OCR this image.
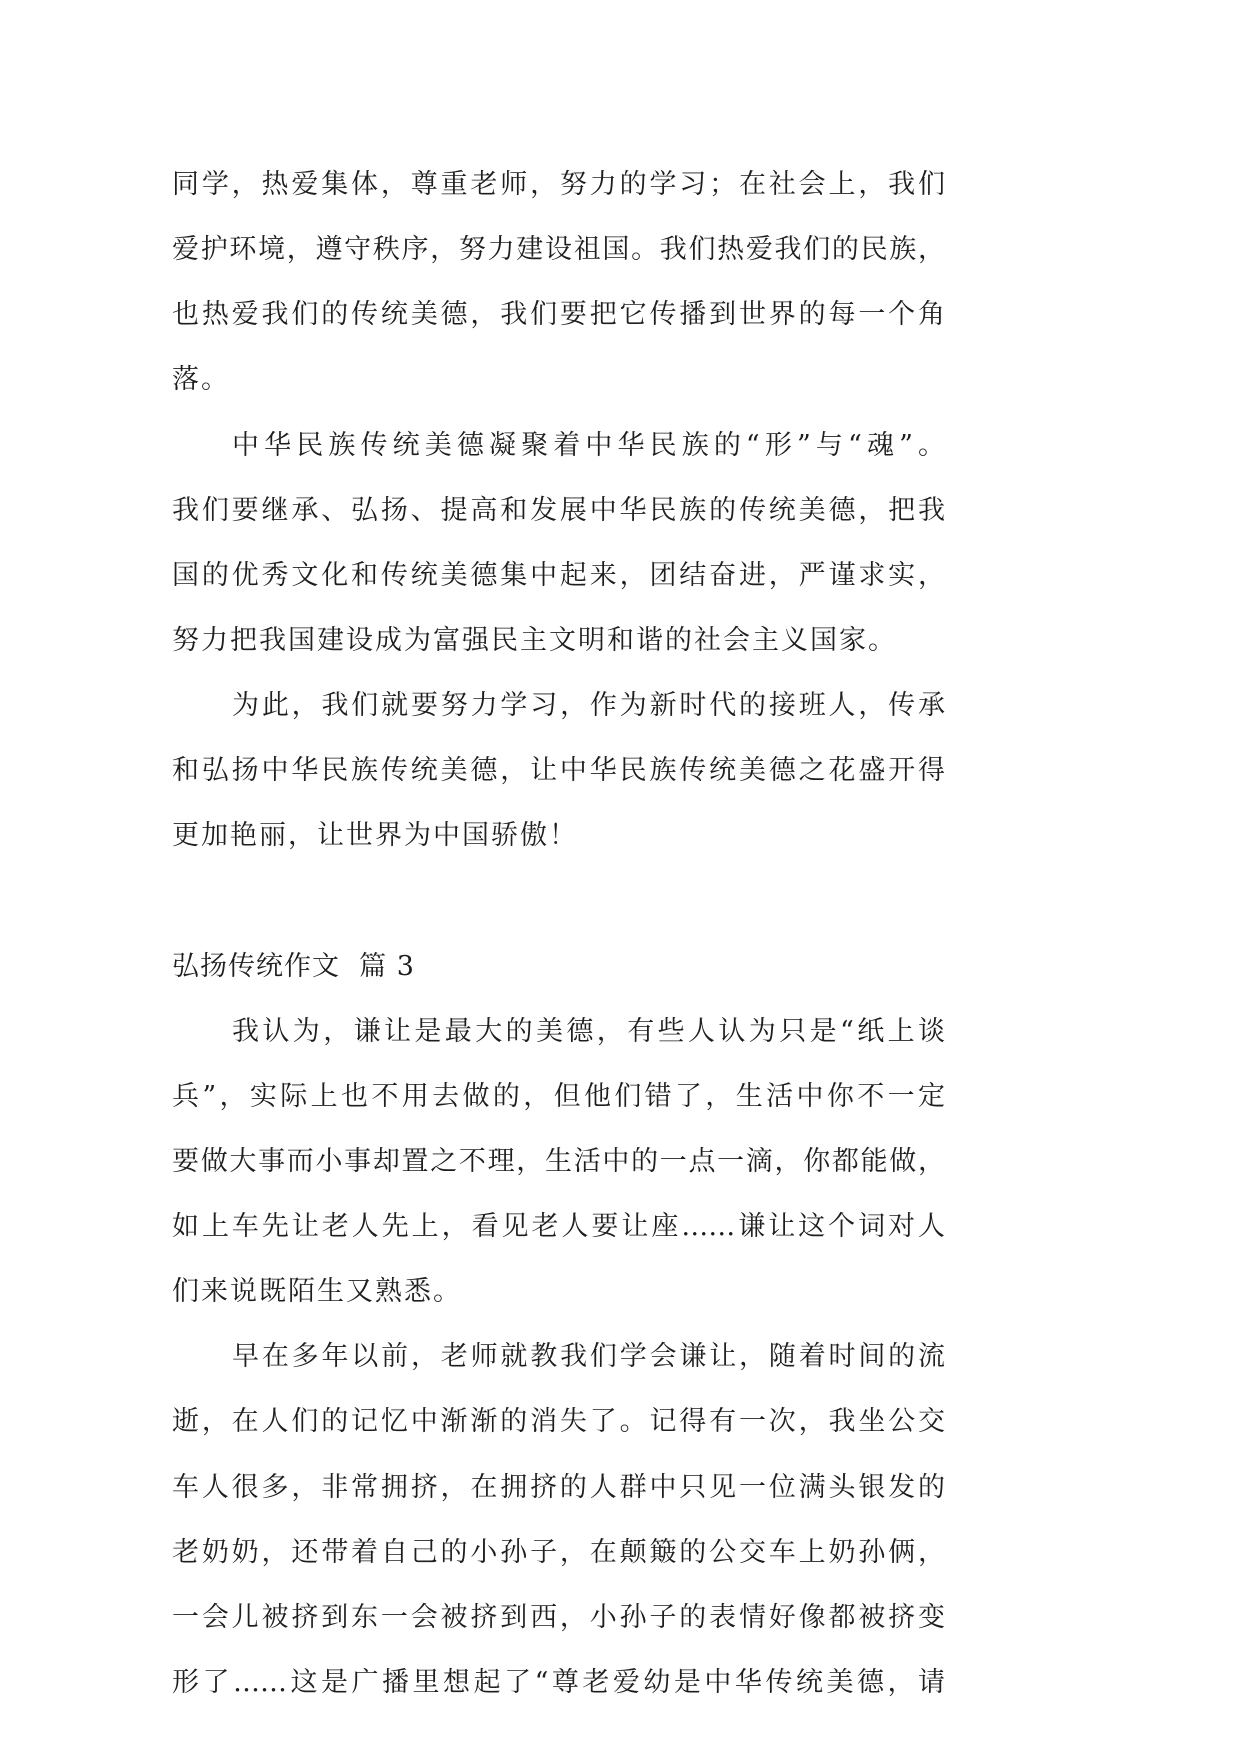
同学，热爱集体，尊重老师，努力的学习；在社会上，我们
爱护环境，遵守秩序，努力建设祖国。我们热爱我们的民族，
也热爱我们的传统美德，我们要把它传播到世界的每一个角
落。
中华民族传统美德凝聚着中华民族的“形”与“魂”。
我们要继承、弘扬、提高和发展中华民族的传统美德，把我
国的优秀文化和传统美德集中起来，团结奋进，严谨求实，
努力把我国建设成为富强民主文明和谐的社会主义国家。
为此，我们就要努力学习，作为新时代的接班人，传承
和弘扬中华民族传统美德，让中华民族传统美德之花盛开得
更加艳丽，让世界为中国骄傲！
弘扬传统作文  篇 3
我认为，谦让是最大的美德，有些人认为只是“纸上谈
兵”，实际上也不用去做的，但他们错了，生活中你不一定
要做大事而小事却置之不理，生活中的一点一滴，你都能做，
如上车先让老人先上，看见老人要让座……谦让这个词对人
们来说既陌生又熟悉。
早在多年以前，老师就教我们学会谦让，随着时间的流
逝，在人们的记忆中渐渐的消失了。记得有一次，我坐公交
车人很多，非常拥挤，在拥挤的人群中只见一位满头银发的
老奶奶，还带着自己的小孙子，在颠簸的公交车上奶孙俩，
一会儿被挤到东一会被挤到西，小孙子的表情好像都被挤变
形了……这是广播里想起了“尊老爱幼是中华传统美德，请
